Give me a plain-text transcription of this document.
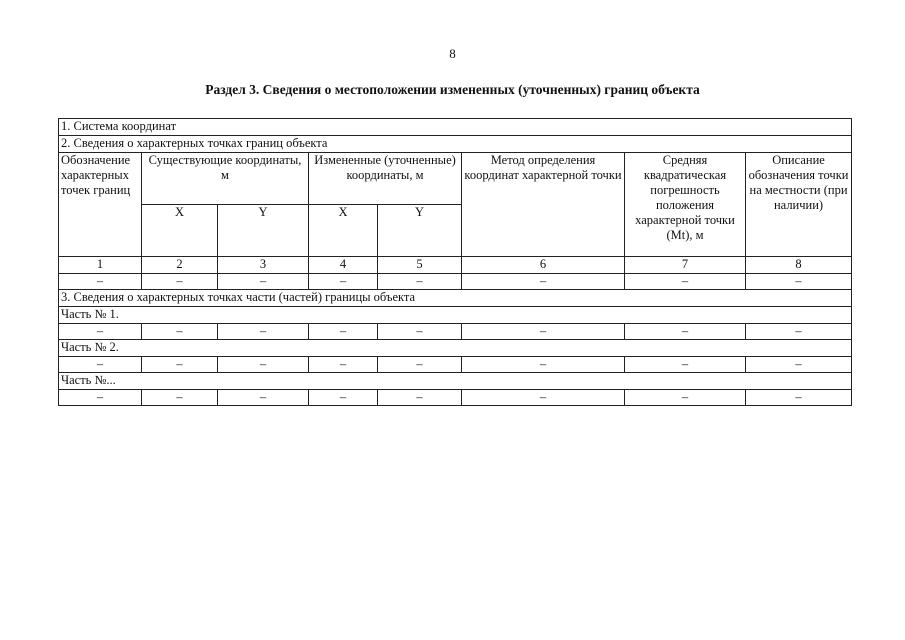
8
Раздел 3. Сведения о местоположении измененных (уточненных) границ объекта
1. Система координат							
2. Сведения о характерных точках границ объекта							
Обозначение характерных точек границ	Существующие координаты, м		Измененные (уточненные) координаты, м		Метод определения координат характерной точки	Средняя квадратическая погрешность положения характерной точки (Mt), м	Описание обозначения точки на местности (при наличии)
	X	Y	X	Y			
1	2	3	4	5	6	7	8
–	–	–	–	–	–	–	–
3. Сведения о характерных точках части (частей) границы объекта							
Часть № 1.							
–	–	–	–	–	–	–	–
Часть № 2.							
–	–	–	–	–	–	–	–
Часть №...							
–	–	–	–	–	–	–	–
